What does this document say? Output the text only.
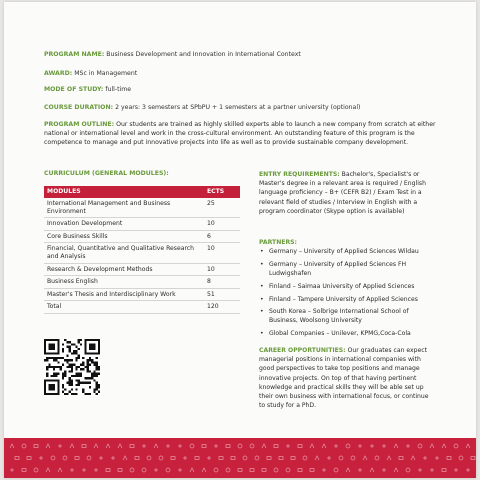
PROGRAM NAME: Business Development and Innovation in International Context
AWARD: MSc in Management
MODE OF STUDY: full-time
COURSE DURATION: 2 years: 3 semesters at SPbPU + 1 semesters at a partner university (optional)
PROGRAM OUTLINE: Our students are trained as highly skilled experts able to launch a new company from scratch at either national or international level and work in the cross-cultural environment. An outstanding feature of this program is the competence to manage and put innovative projects into life as well as to provide sustainable company development.
CURRICULUM (GENERAL MODULES):
MODULES	ECTS
International Management and Business Environment	25
Innovation Development	10
Core Business Skills	6
Financial, Quantitative and Qualitative Research and Analysis	10
Research & Development Methods	10
Business English	8
Master's Thesis and Interdisciplinary Work	51
Total	120
ENTRY REQUIREMENTS: Bachelor's, Specialist's or Master's degree in a relevant area is required / English language proficiency – B+ (CEFR B2) / Exam Test in a relevant field of studies / Interview in English with a program coordinator (Skype option is available)
PARTNERS:
• Germany – University of Applied Sciences Wildau
• Germany – University of Applied Sciences FH Ludwigshafen
• Finland – Saimaa University of Applied Sciences
• Finland – Tampere University of Applied Sciences
• South Korea – Solbrige International School of Business, Woolsong University
• Global Companies – Unilever, KPMG,Coca-Cola
CAREER OPPORTUNITIES: Our graduates can expect managerial positions in international companies with good perspectives to take top positions and manage innovative projects. On top of that having pertinent knowledge and practical skills they will be able set up their own business with international focus, or continue to study for a PhD.
